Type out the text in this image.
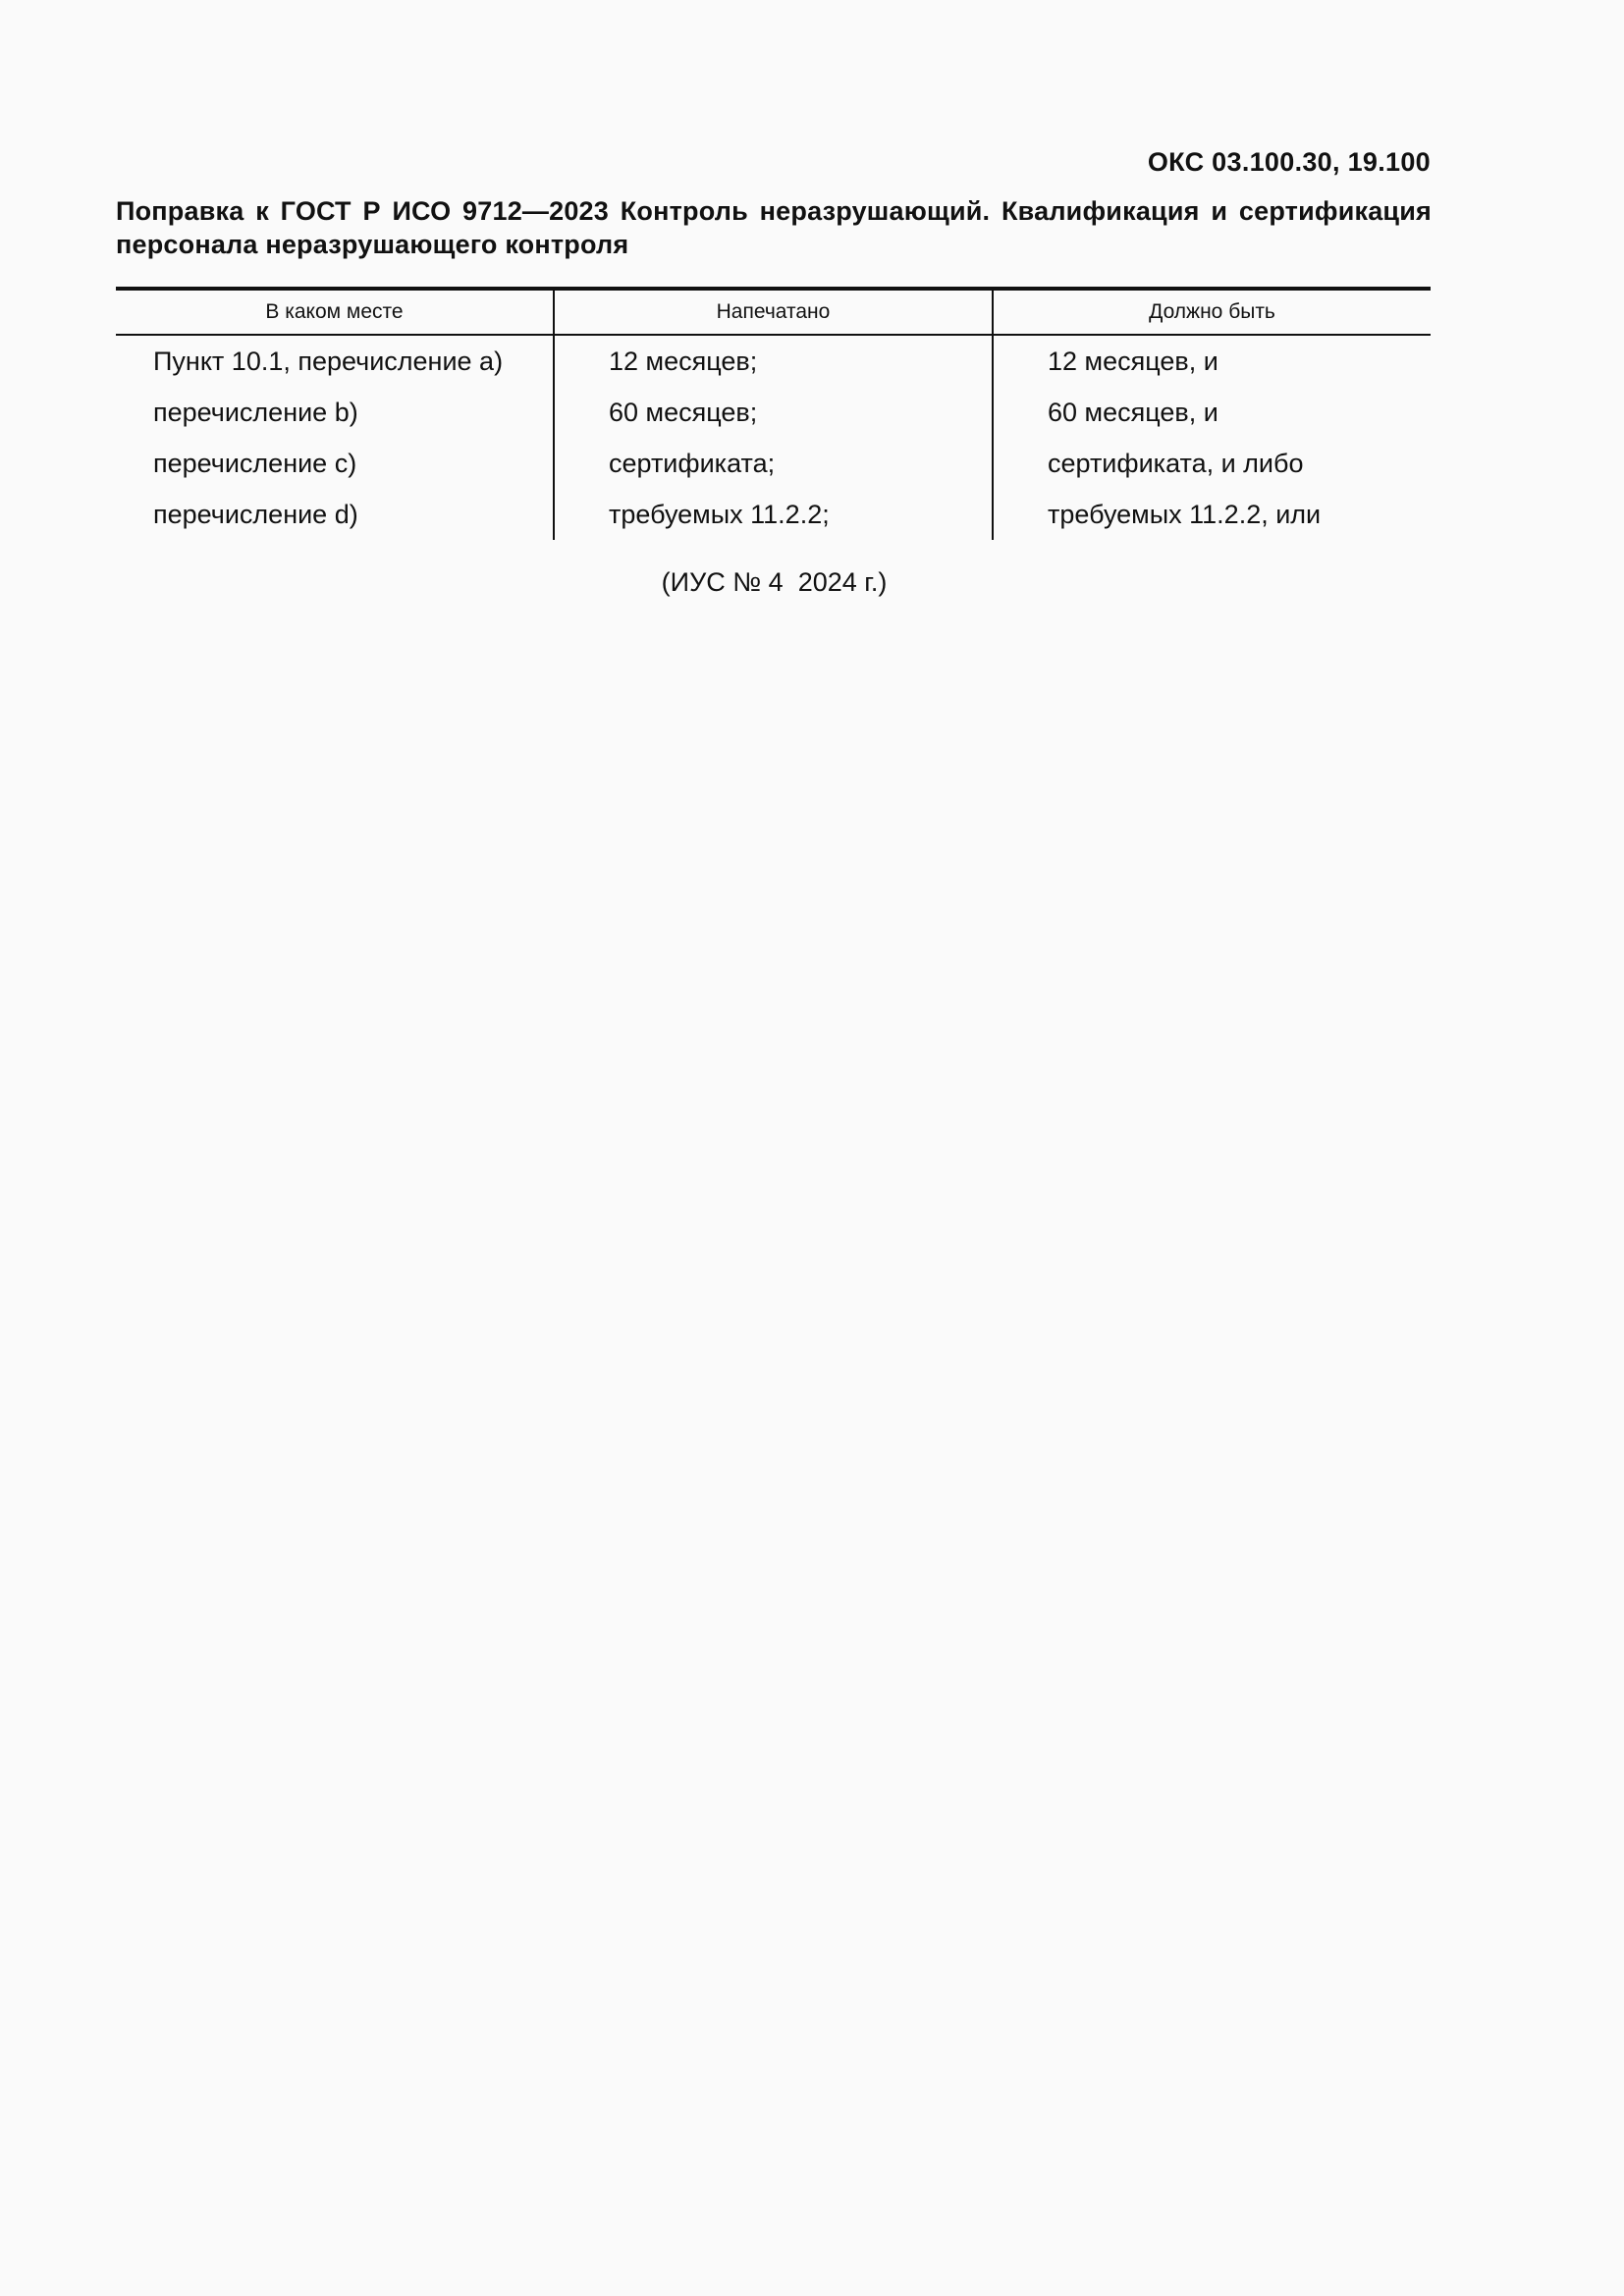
ОКС 03.100.30, 19.100
Поправка к ГОСТ Р ИСО 9712—2023 Контроль неразрушающий. Квалификация и сертификация персонала неразрушающего контроля
В каком месте	Напечатано	Должно быть
Пункт 10.1, перечисление a)	12 месяцев;	12 месяцев, и
перечисление b)	60 месяцев;	60 месяцев, и
перечисление c)	сертификата;	сертификата, и либо
перечисление d)	требуемых 11.2.2;	требуемых 11.2.2, или
(ИУС № 4  2024 г.)
